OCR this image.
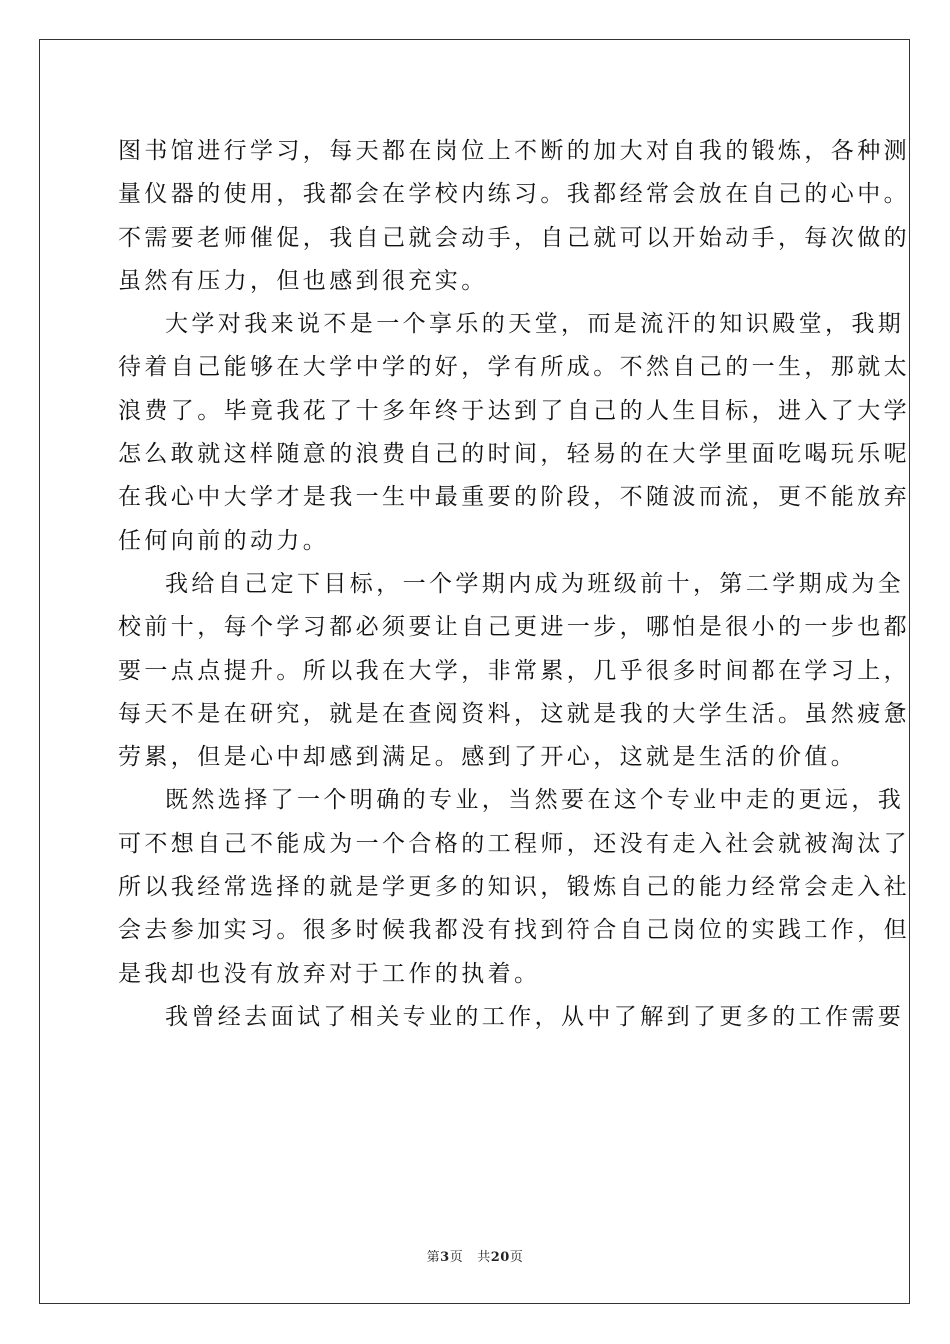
图书馆进行学习，每天都在岗位上不断的加大对自我的锻炼，各种测
量仪器的使用，我都会在学校内练习。我都经常会放在自己的心中。
不需要老师催促，我自己就会动手，自己就可以开始动手，每次做的
虽然有压力，但也感到很充实。
大学对我来说不是一个享乐的天堂，而是流汗的知识殿堂，我期
待着自己能够在大学中学的好，学有所成。不然自己的一生，那就太
浪费了。毕竟我花了十多年终于达到了自己的人生目标，进入了大学
怎么敢就这样随意的浪费自己的时间，轻易的在大学里面吃喝玩乐呢
在我心中大学才是我一生中最重要的阶段，不随波而流，更不能放弃
任何向前的动力。
我给自己定下目标，一个学期内成为班级前十，第二学期成为全
校前十，每个学习都必须要让自己更进一步，哪怕是很小的一步也都
要一点点提升。所以我在大学，非常累，几乎很多时间都在学习上，
每天不是在研究，就是在查阅资料，这就是我的大学生活。虽然疲惫
劳累，但是心中却感到满足。感到了开心，这就是生活的价值。
既然选择了一个明确的专业，当然要在这个专业中走的更远，我
可不想自己不能成为一个合格的工程师，还没有走入社会就被淘汰了
所以我经常选择的就是学更多的知识，锻炼自己的能力经常会走入社
会去参加实习。很多时候我都没有找到符合自己岗位的实践工作，但
是我却也没有放弃对于工作的执着。
我曾经去面试了相关专业的工作，从中了解到了更多的工作需要
第3页 共20页
